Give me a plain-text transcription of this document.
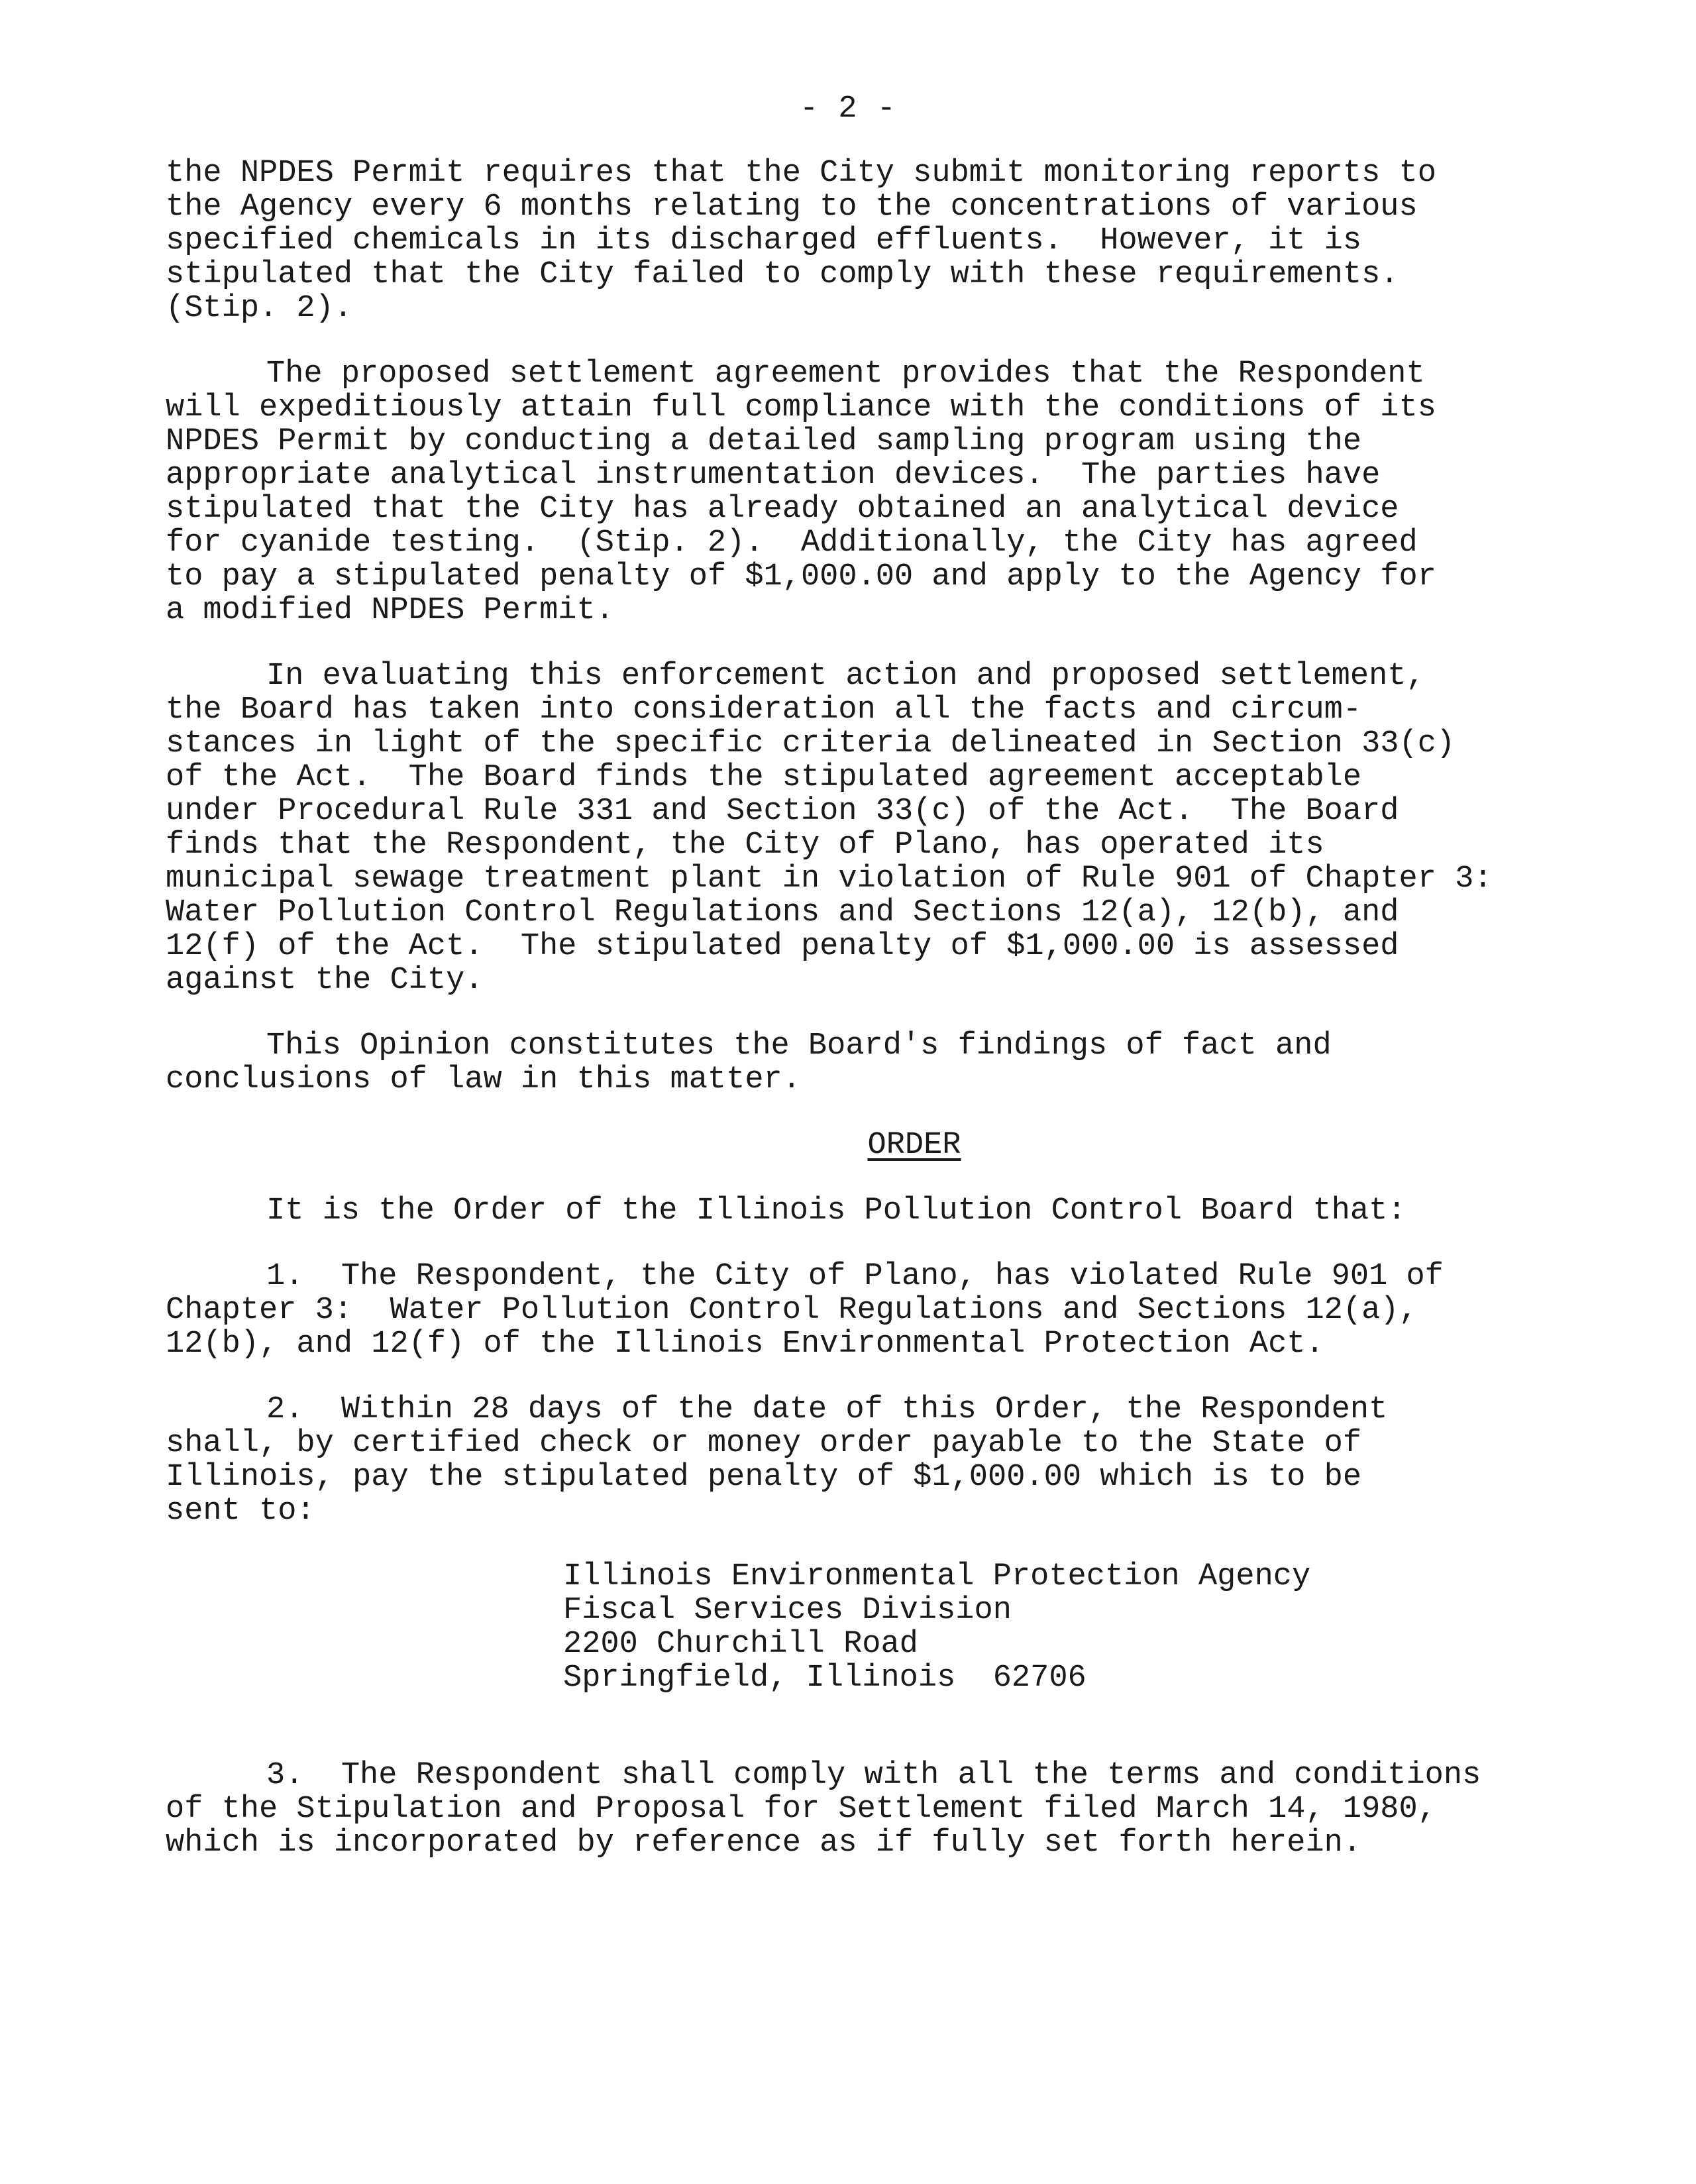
- 2 -
the NPDES Permit requires that the City submit monitoring reports to
the Agency every 6 months relating to the concentrations of various
specified chemicals in its discharged effluents.  However, it is
stipulated that the City failed to comply with these requirements.
(Stip. 2).
The proposed settlement agreement provides that the Respondent
will expeditiously attain full compliance with the conditions of its
NPDES Permit by conducting a detailed sampling program using the
appropriate analytical instrumentation devices.  The parties have
stipulated that the City has already obtained an analytical device
for cyanide testing.  (Stip. 2).  Additionally, the City has agreed
to pay a stipulated penalty of $1,000.00 and apply to the Agency for
a modified NPDES Permit.
In evaluating this enforcement action and proposed settlement,
the Board has taken into consideration all the facts and circum-
stances in light of the specific criteria delineated in Section 33(c)
of the Act.  The Board finds the stipulated agreement acceptable
under Procedural Rule 331 and Section 33(c) of the Act.  The Board
finds that the Respondent, the City of Plano, has operated its
municipal sewage treatment plant in violation of Rule 901 of Chapter 3:
Water Pollution Control Regulations and Sections 12(a), 12(b), and
12(f) of the Act.  The stipulated penalty of $1,000.00 is assessed
against the City.
This Opinion constitutes the Board's findings of fact and
conclusions of law in this matter.
ORDER
It is the Order of the Illinois Pollution Control Board that:
1.  The Respondent, the City of Plano, has violated Rule 901 of
Chapter 3:  Water Pollution Control Regulations and Sections 12(a),
12(b), and 12(f) of the Illinois Environmental Protection Act.
2.  Within 28 days of the date of this Order, the Respondent
shall, by certified check or money order payable to the State of
Illinois, pay the stipulated penalty of $1,000.00 which is to be
sent to:
Illinois Environmental Protection Agency
Fiscal Services Division
2200 Churchill Road
Springfield, Illinois  62706
3.  The Respondent shall comply with all the terms and conditions
of the Stipulation and Proposal for Settlement filed March 14, 1980,
which is incorporated by reference as if fully set forth herein.
